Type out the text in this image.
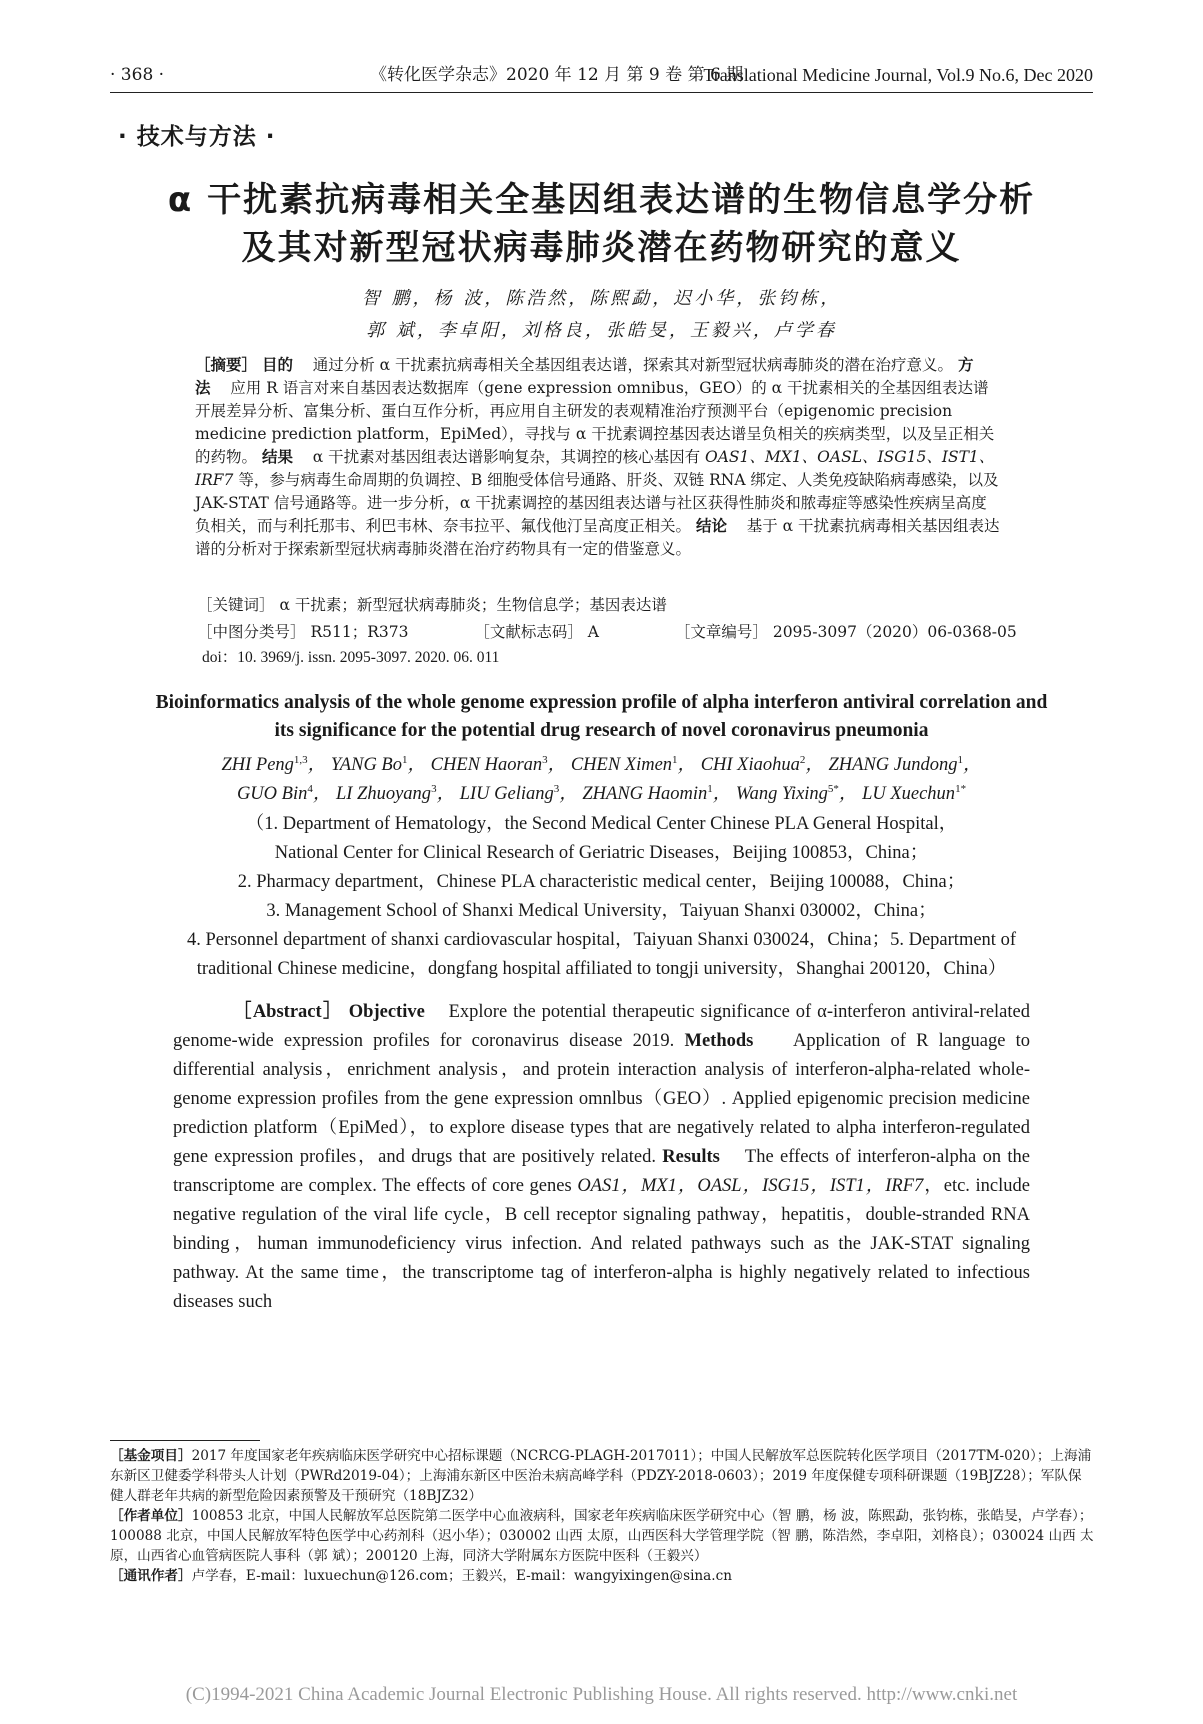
· 368 ·	《转化医学杂志》2020 年 12 月 第 9 卷 第 6 期
Translational Medicine Journal, Vol.9 No.6, Dec 2020
· 技术与方法 ·
α 干扰素抗病毒相关全基因组表达谱的生物信息学分析
及其对新型冠状病毒肺炎潜在药物研究的意义
智 鹏，杨 波，陈浩然，陈熙勐，迟小华，张钧栋，
郭 斌，李卓阳，刘格良，张皓旻，王毅兴，卢学春

［摘要］ 目的 通过分析 α 干扰素抗病毒相关全基因组表达谱，探索其对新型冠状病毒肺炎的潜在治疗意义。 方法 应用 R 语言对来自基因表达数据库（gene expression omnibus，GEO）的 α 干扰素相关的全基因组表达谱开展差异分析、富集分析、蛋白互作分析，再应用自主研发的表观精准治疗预测平台（epigenomic precision medicine prediction platform，EpiMed），寻找与 α 干扰素调控基因表达谱呈负相关的疾病类型，以及呈正相关的药物。 结果 α 干扰素对基因组表达谱影响复杂，其调控的核心基因有 OAS1、MX1、OASL、ISG15、IST1、IRF7 等，参与病毒生命周期的负调控、B 细胞受体信号通路、肝炎、双链 RNA 绑定、人类免疫缺陷病毒感染，以及 JAK-STAT 信号通路等。进一步分析，α 干扰素调控的基因组表达谱与社区获得性肺炎和脓毒症等感染性疾病呈高度负相关，而与利托那韦、利巴韦林、奈韦拉平、氟伐他汀呈高度正相关。 结论 基于 α 干扰素抗病毒相关基因组表达谱的分析对于探索新型冠状病毒肺炎潜在治疗药物具有一定的借鉴意义。

［关键词］ α 干扰素；新型冠状病毒肺炎；生物信息学；基因表达谱
［中图分类号］ R511；R373	［文献标志码］ A	［文章编号］ 2095-3097（2020）06-0368-05
doi：10. 3969/j. issn. 2095-3097. 2020. 06. 011
Bioinformatics analysis of the whole genome expression profile of alpha interferon antiviral correlation and
its significance for the potential drug research of novel coronavirus pneumonia
ZHI Peng$^{1,3}$， YANG Bo$^1$， CHEN Haoran$^3$， CHEN Ximen$^1$， CHI Xiaohua$^2$， ZHANG Jundong$^1$，
GUO Bin$^4$， LI Zhuoyang$^3$， LIU Geliang$^3$， ZHANG Haomin$^1$， Wang Yixing$^{5*}$， LU Xuechun$^{1*}$
（1. Department of Hematology，the Second Medical Center Chinese PLA General Hospital，
National Center for Clinical Research of Geriatric Diseases，Beijing 100853，China；
2. Pharmacy department，Chinese PLA characteristic medical center，Beijing 100088，China；
3. Management School of Shanxi Medical University，Taiyuan Shanxi 030002，China；
4. Personnel department of shanxi cardiovascular hospital，Taiyuan Shanxi 030024，China；5. Department of
traditional Chinese medicine，dongfang hospital affiliated to tongji university，Shanghai 200120，China）

［Abstract］ Objective Explore the potential therapeutic significance of α-interferon antiviral-related genome-wide expression profiles for coronavirus disease 2019. Methods Application of R language to differential analysis，enrichment analysis，and protein interaction analysis of interferon-alpha-related whole-genome expression profiles from the gene expression omnlbus（GEO）. Applied epigenomic precision medicine prediction platform（EpiMed），to explore disease types that are negatively related to alpha interferon-regulated gene expression profiles，and drugs that are positively related. Results The effects of interferon-alpha on the transcriptome are complex. The effects of core genes OAS1，MX1，OASL，ISG15，IST1，IRF7，etc. include negative regulation of the viral life cycle，B cell receptor signaling pathway，hepatitis，double-stranded RNA binding，human immunodeficiency virus infection. And related pathways such as the JAK-STAT signaling pathway. At the same time，the transcriptome tag of interferon-alpha is highly negatively related to infectious diseases such

［基金项目］2017 年度国家老年疾病临床医学研究中心招标课题（NCRCG-PLAGH-2017011）；中国人民解放军总医院转化医学项目（2017TM-020）；上海浦东新区卫健委学科带头人计划（PWRd2019-04）；上海浦东新区中医治未病高峰学科（PDZY-2018-0603）；2019 年度保健专项科研课题（19BJZ28）；军队保健人群老年共病的新型危险因素预警及干预研究（18BJZ32）

［作者单位］100853 北京，中国人民解放军总医院第二医学中心血液病科，国家老年疾病临床医学研究中心（智 鹏，杨 波，陈熙勐，张钧栋，张皓旻，卢学春）；100088 北京，中国人民解放军特色医学中心药剂科（迟小华）；030002 山西 太原，山西医科大学管理学院（智 鹏，陈浩然，李卓阳，刘格良）；030024 山西 太原，山西省心血管病医院人事科（郭 斌）；200120 上海，同济大学附属东方医院中医科（王毅兴）

［通讯作者］卢学春，E-mail：luxuechun@126.com；王毅兴，E-mail：wangyixingen@sina.cn

(C)1994-2021 China Academic Journal Electronic Publishing House. All rights reserved. http://www.cnki.net
